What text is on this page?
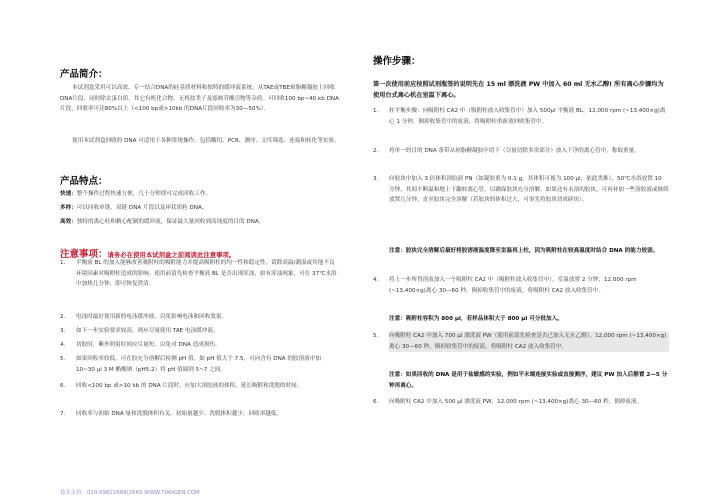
产品简介：

本试剂盒采用可以高效、专一结合DNA的硅基质材料和独特的缓冲液系统，从TAE或TBE琼脂糖凝胶上回收DNA片段，同时除去蛋白质、其它有机化合物、无机盐类子及寡核苷酸引物等杂质。可回收100 bp~40 kb DNA片段，回收率可达80%以上（<100 bp或>10kb 的DNA片段回收率为30—50%）。

使用本试剂盒回收的 DNA 可适用于各种常规操作，包括酶切、PCR、测序、文库筛选、连接和转化等实验。

产品特点：
快速：整个操作过程快速方便，几十分钟即可完成回收工作。
多样：可以回收单链、双链 DNA 片段以及环状质粒 DNA。
高效：独特的离心柱和精心配制的缓冲液，保证最大量回收到高纯度的目的 DNA。
注意事项：请务必在使用本试剂盒之前阅读此注意事项。
1.	平衡液 BL 的加入能够改善吸附柱的吸附能力并提高吸附柱的均一性和稳定性，请除高温/潮湿或其他不良环境因素对吸附柱造成的影响。使用前请先检查平衡液 BL 是否出现浑浊，如有浑浊现象，可在 37℃水浴中加热几分钟，即可恢复澄清。
2.	电泳时最好使用新的电泳缓冲液，以免影响电泳和回收效果。
3.	如下一步实验要求较高，则应尽量使用 TAE 电泳缓冲液。
4.	切胶时，紫外照射时间应尽量短，以免对 DNA 造成损伤。
5.	如果回收率较低，可在胶充分溶解后检测 pH 值，如 pH 值大于 7.5，可向含有 DNA 的胶溶液中加 10~30 μl 3 M 醋酸钠（pH5.2）将 pH 值调到 5~7 之间。
6.	回收<100 bp 或>10 kb 的 DNA 片段时，应加大溶胶液的体积，延长吸附和洗脱的时间。
7.	回收率与初始 DNA 量和洗脱体积有关，初始量越少、洗脱体积越少，回收率越低。
操作步骤：

第一次使用前应按照试剂瓶签的说明先在 15 ml 漂洗液 PW 中加入 60 ml 无水乙醇! 所有离心步骤均为使用台式离心机在室温下离心。

1.	柱平衡步骤：向吸附柱 CA2 中（吸附柱放入收集管中）加入 500μl 平衡液 BL，12,000 rpm (~13,400×g)离心 1 分钟，倒掉收集管中的废液，将吸附柱重新放回收集管中。
2.	将单一的目的 DNA 条带从琼脂糖凝胶中切下（尽量切除多余部分）放入干净的离心管中，称取重量。
3.	向胶块中加入 3 倍体积溶胶液 PN（如凝胶重为 0.1 g，其体积可视为 100 μl，依此类推），50℃水浴放置 10 分钟，其间不断温和地上下翻转离心管，以确保胶块充分溶解。如果还有未溶的胶块，可再补加一些溶胶液或继续放置几分钟，直至胶块完全溶解（若胶块的体积过大，可事先将胶块切成碎块）。
注意：胶块完全溶解后最好将胶溶液温度降至室温再上柱，因为吸附柱在较高温度时结合 DNA 的能力较弱。
4.	将上一步所得溶液加入一个吸附柱 CA2 中（吸附柱放入收集管中），室温放置 2 分钟，12,000 rpm (~13,400×g)离心 30—60 秒，倒掉收集管中的废液，将吸附柱 CA2 放入收集管中。
注意：吸附柱容积为 800 μl，若样品体积大于 800 μl 可分批加入。
5.	向吸附柱 CA2 中加入 700 μl 漂洗液 PW（使用前请先检查是否已加入无水乙醇），12,000 rpm (~13,400×g)离心 30—60 秒，倒掉收集管中的废液，将吸附柱 CA2 放入收集管中。
注意：如果回收的 DNA 是用于盐敏感的实验，例如平末端连接实验或直接测序，建议 PW 加入后静置 2—5 分钟再离心。
6.	向吸附柱 CA2 中加入 500 μl 漂洗液 PW，12,000 rpm (~13,400×g)离心 30—60 秒，倒掉废液。
技术支持：010-59822688(2665 WWW.TIANGEN.COM
